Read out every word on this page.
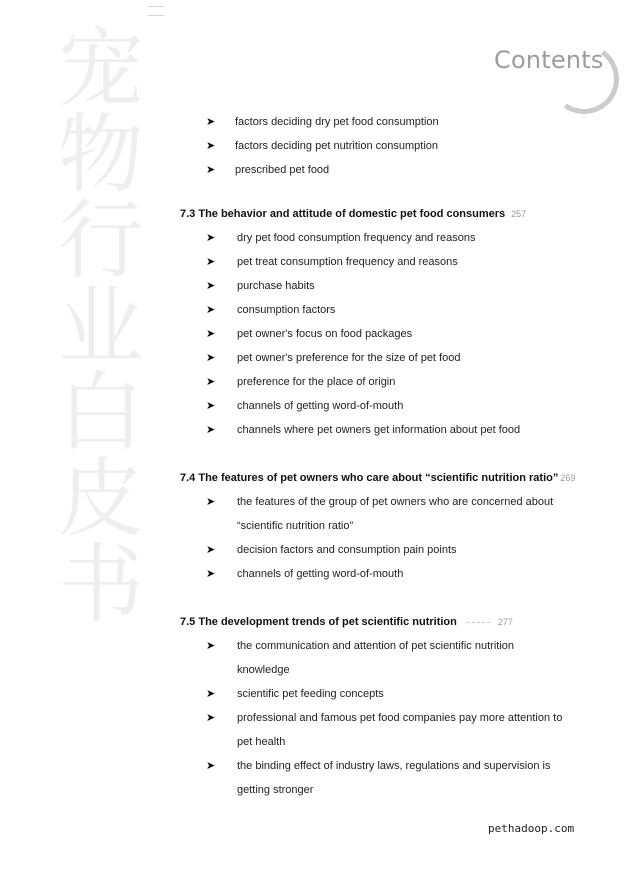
宠
物
行
业
白
皮
书
Contents
➤ factors deciding dry pet food consumption
➤ factors deciding pet nutrition consumption
➤ prescribed pet food
7.3 The behavior and attitude of domestic pet food consumers 257
➤ dry pet food consumption frequency and reasons
➤ pet treat consumption frequency and reasons
➤ purchase habits
➤ consumption factors
➤ pet owner's focus on food packages
➤ pet owner's preference for the size of pet food
➤ preference for the place of origin
➤ channels of getting word-of-mouth
➤ channels where pet owners get information about pet food
7.4 The features of pet owners who care about “scientific nutrition ratio” 269
➤ the features of the group of pet owners who are concerned about
“scientific nutrition ratio”
➤ decision factors and consumption pain points
➤ channels of getting word-of-mouth
7.5 The development trends of pet scientific nutrition ----- 277
➤ the communication and attention of pet scientific nutrition
knowledge
➤ scientific pet feeding concepts
➤ professional and famous pet food companies pay more attention to
pet health
➤ the binding effect of industry laws, regulations and supervision is
getting stronger
pethadoop.com
